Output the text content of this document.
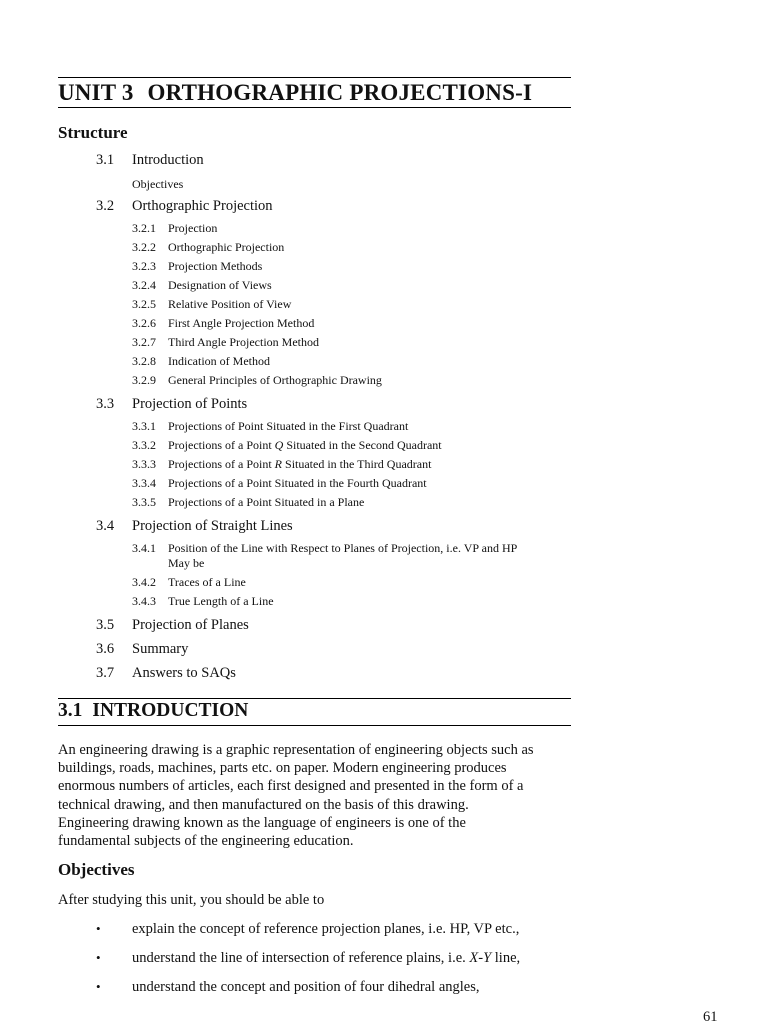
UNIT 3 ORTHOGRAPHIC PROJECTIONS-I
Structure
3.1 Introduction
Objectives
3.2 Orthographic Projection
3.2.1 Projection
3.2.2 Orthographic Projection
3.2.3 Projection Methods
3.2.4 Designation of Views
3.2.5 Relative Position of View
3.2.6 First Angle Projection Method
3.2.7 Third Angle Projection Method
3.2.8 Indication of Method
3.2.9 General Principles of Orthographic Drawing
3.3 Projection of Points
3.3.1 Projections of Point Situated in the First Quadrant
3.3.2 Projections of a Point Q Situated in the Second Quadrant
3.3.3 Projections of a Point R Situated in the Third Quadrant
3.3.4 Projections of a Point Situated in the Fourth Quadrant
3.3.5 Projections of a Point Situated in a Plane
3.4 Projection of Straight Lines
3.4.1 Position of the Line with Respect to Planes of Projection, i.e. VP and HP
May be
3.4.2 Traces of a Line
3.4.3 True Length of a Line
3.5 Projection of Planes
3.6 Summary
3.7 Answers to SAQs
3.1 INTRODUCTION
An engineering drawing is a graphic representation of engineering objects such as
buildings, roads, machines, parts etc. on paper. Modern engineering produces
enormous numbers of articles, each first designed and presented in the form of a
technical drawing, and then manufactured on the basis of this drawing.
Engineering drawing known as the language of engineers is one of the
fundamental subjects of the engineering education.
Objectives
After studying this unit, you should be able to
• explain the concept of reference projection planes, i.e. HP, VP etc.,
• understand the line of intersection of reference plains, i.e. X-Y line,
• understand the concept and position of four dihedral angles,
61
